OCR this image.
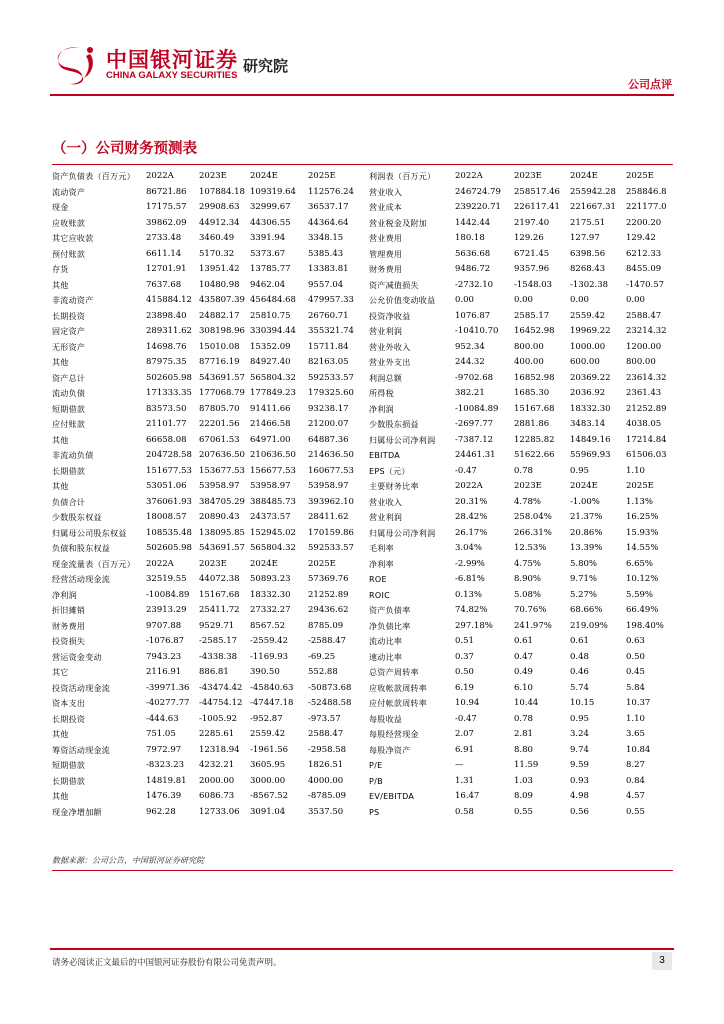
中国银河证券
CHINA GALAXY SECURITIES
研究院
公司点评
（一）公司财务预测表
资产负债表（百万元） 2022A	2023E	2024E	2025E
流动资产	86721.86 107884.18 109319.64 112576.24
现金	17175.57 29908.63 32999.67 36537.17
应收账款	39862.09 44912.34 44306.55 44364.64
其它应收款	2733.48 3460.49 3391.94	3348.15
预付账款	6611.14 5170.32 5373.67	5385.43
存货	12701.91 13951.42 13785.77 13383.81
其他	7637.68 10480.98 9462.04	9557.04
非流动资产	415884.12 435807.39 456484.68 479957.33
长期投资	23898.40 24882.17 25810.75 26760.71
固定资产	289311.62 308198.96 330394.44 355321.74
无形资产	14698.76 15010.08 15352.09 15711.84
其他	87975.35 87716.19 84927.40 82163.05
资产总计	502605.98 543691.57 565804.32 592533.57
流动负债	171333.35 177068.79 177849.23 179325.60
短期借款	83573.50 87805.70 91411.66 93238.17
应付账款	21101.77 22201.56 21466.58 21200.07
其他	66658.08 67061.53 64971.00 64887.36
非流动负债	204728.58 207636.50 210636.50 214636.50
长期借款	151677.53 153677.53 156677.53 160677.53
其他	53051.06 53958.97 53958.97 53958.97
负债合计	376061.93 384705.29 388485.73 393962.10
少数股东权益	18008.57 20890.43 24373.57 28411.62
归属母公司股东权益 108535.48 138095.85 152945.02 170159.86
负债和股东权益	502605.98 543691.57 565804.32 592533.57
现金流量表（百万元） 2022A	2023E	2024E	2025E
经营活动现金流	32519.55 44072.38 50893.23 57369.76
净利润	-10084.89 15167.68 18332.30 21252.89
折旧摊销	23913.29 25411.72 27332.27 29436.62
财务费用	9707.88 9529.71 8567.52	8785.09
投资损失	-1076.87 -2585.17 -2559.42 -2588.47
营运资金变动	7943.23 -4338.38 -1169.93 -69.25
其它	2116.91 886.81	390.50	552.88
投资活动现金流	-39971.36 -43474.42 -45840.63 -50873.68
资本支出	-40277.77 -44754.12 -47447.18 -52488.58
长期投资	-444.63 -1005.92 -952.87	-973.57
其他	751.05	2285.61 2559.42	2588.47
筹资活动现金流	7972.97 12318.94 -1961.56 -2958.58
短期借款	-8323.23 4232.21 3605.95	1826.51
长期借款	14819.81 2000.00 3000.00	4000.00
其他	1476.39 6086.73 -8567.52 -8785.09
现金净增加额	962.28	12733.06 3091.04	3537.50
利润表（百万元） 2022A	2023E	2024E	2025E
营业收入	246724.79 258517.46 255942.28 258846.8
营业成本	239220.71 226117.41 221667.31 221177.0
营业税金及附加	1442.44	2197.40 2175.51 2200.20
营业费用	180.18	129.26	127.97	129.42
管理费用	5636.68	6721.45 6398.56 6212.33
财务费用	9486.72	9357.96 8268.43 8455.09
资产减值损失	-2732.10 -1548.03 -1302.38 -1470.57
公允价值变动收益 0.00	0.00	0.00	0.00
投资净收益	1076.87	2585.17 2559.42 2588.47
营业利润	-10410.70 16452.98 19969.22 23214.32
营业外收入	952.34	800.00	1000.00 1200.00
营业外支出	244.32	400.00	600.00	800.00
利润总额	-9702.68 16852.98 20369.22 23614.32
所得税	382.21	1685.30 2036.92 2361.43
净利润	-10084.89 15167.68 18332.30 21252.89
少数股东损益	-2697.77 2881.86 3483.14 4038.05
归属母公司净利润 -7387.12 12285.82 14849.16 17214.84
EBITDA	24461.31 51622.66 55969.93 61506.03
EPS（元）	-0.47	0.78	0.95	1.10
主要财务比率	2022A	2023E	2024E	2025E
营业收入	20.31%	4.78%	-1.00%	1.13%
营业利润	28.42%	258.04% 21.37%	16.25%
归属母公司净利润 26.17%	266.31% 20.86%	15.93%
毛利率	3.04%	12.53%	13.39%	14.55%
净利率	-2.99%	4.75%	5.80%	6.65%
ROE	-6.81%	8.90%	9.71%	10.12%
ROIC	0.13%	5.08%	5.27%	5.59%
资产负债率	74.82%	70.76%	68.66%	66.49%
净负债比率	297.18% 241.97% 219.09% 198.40%
流动比率	0.51	0.61	0.61	0.63
速动比率	0.37	0.47	0.48	0.50
总资产周转率	0.50	0.49	0.46	0.45
应收帐款周转率	6.19	6.10	5.74	5.84
应付帐款周转率	10.94	10.44	10.15	10.37
每股收益	-0.47	0.78	0.95	1.10
每股经营现金	2.07	2.81	3.24	3.65
每股净资产	6.91	8.80	9.74	10.84
P/E	—	11.59	9.59	8.27
P/B	1.31	1.03	0.93	0.84
EV/EBITDA	16.47	8.09	4.98	4.57
PS	0.58	0.55	0.56	0.55
数据来源：公司公告，中国银河证券研究院
请务必阅读正文最后的中国银河证券股份有限公司免责声明。	3
